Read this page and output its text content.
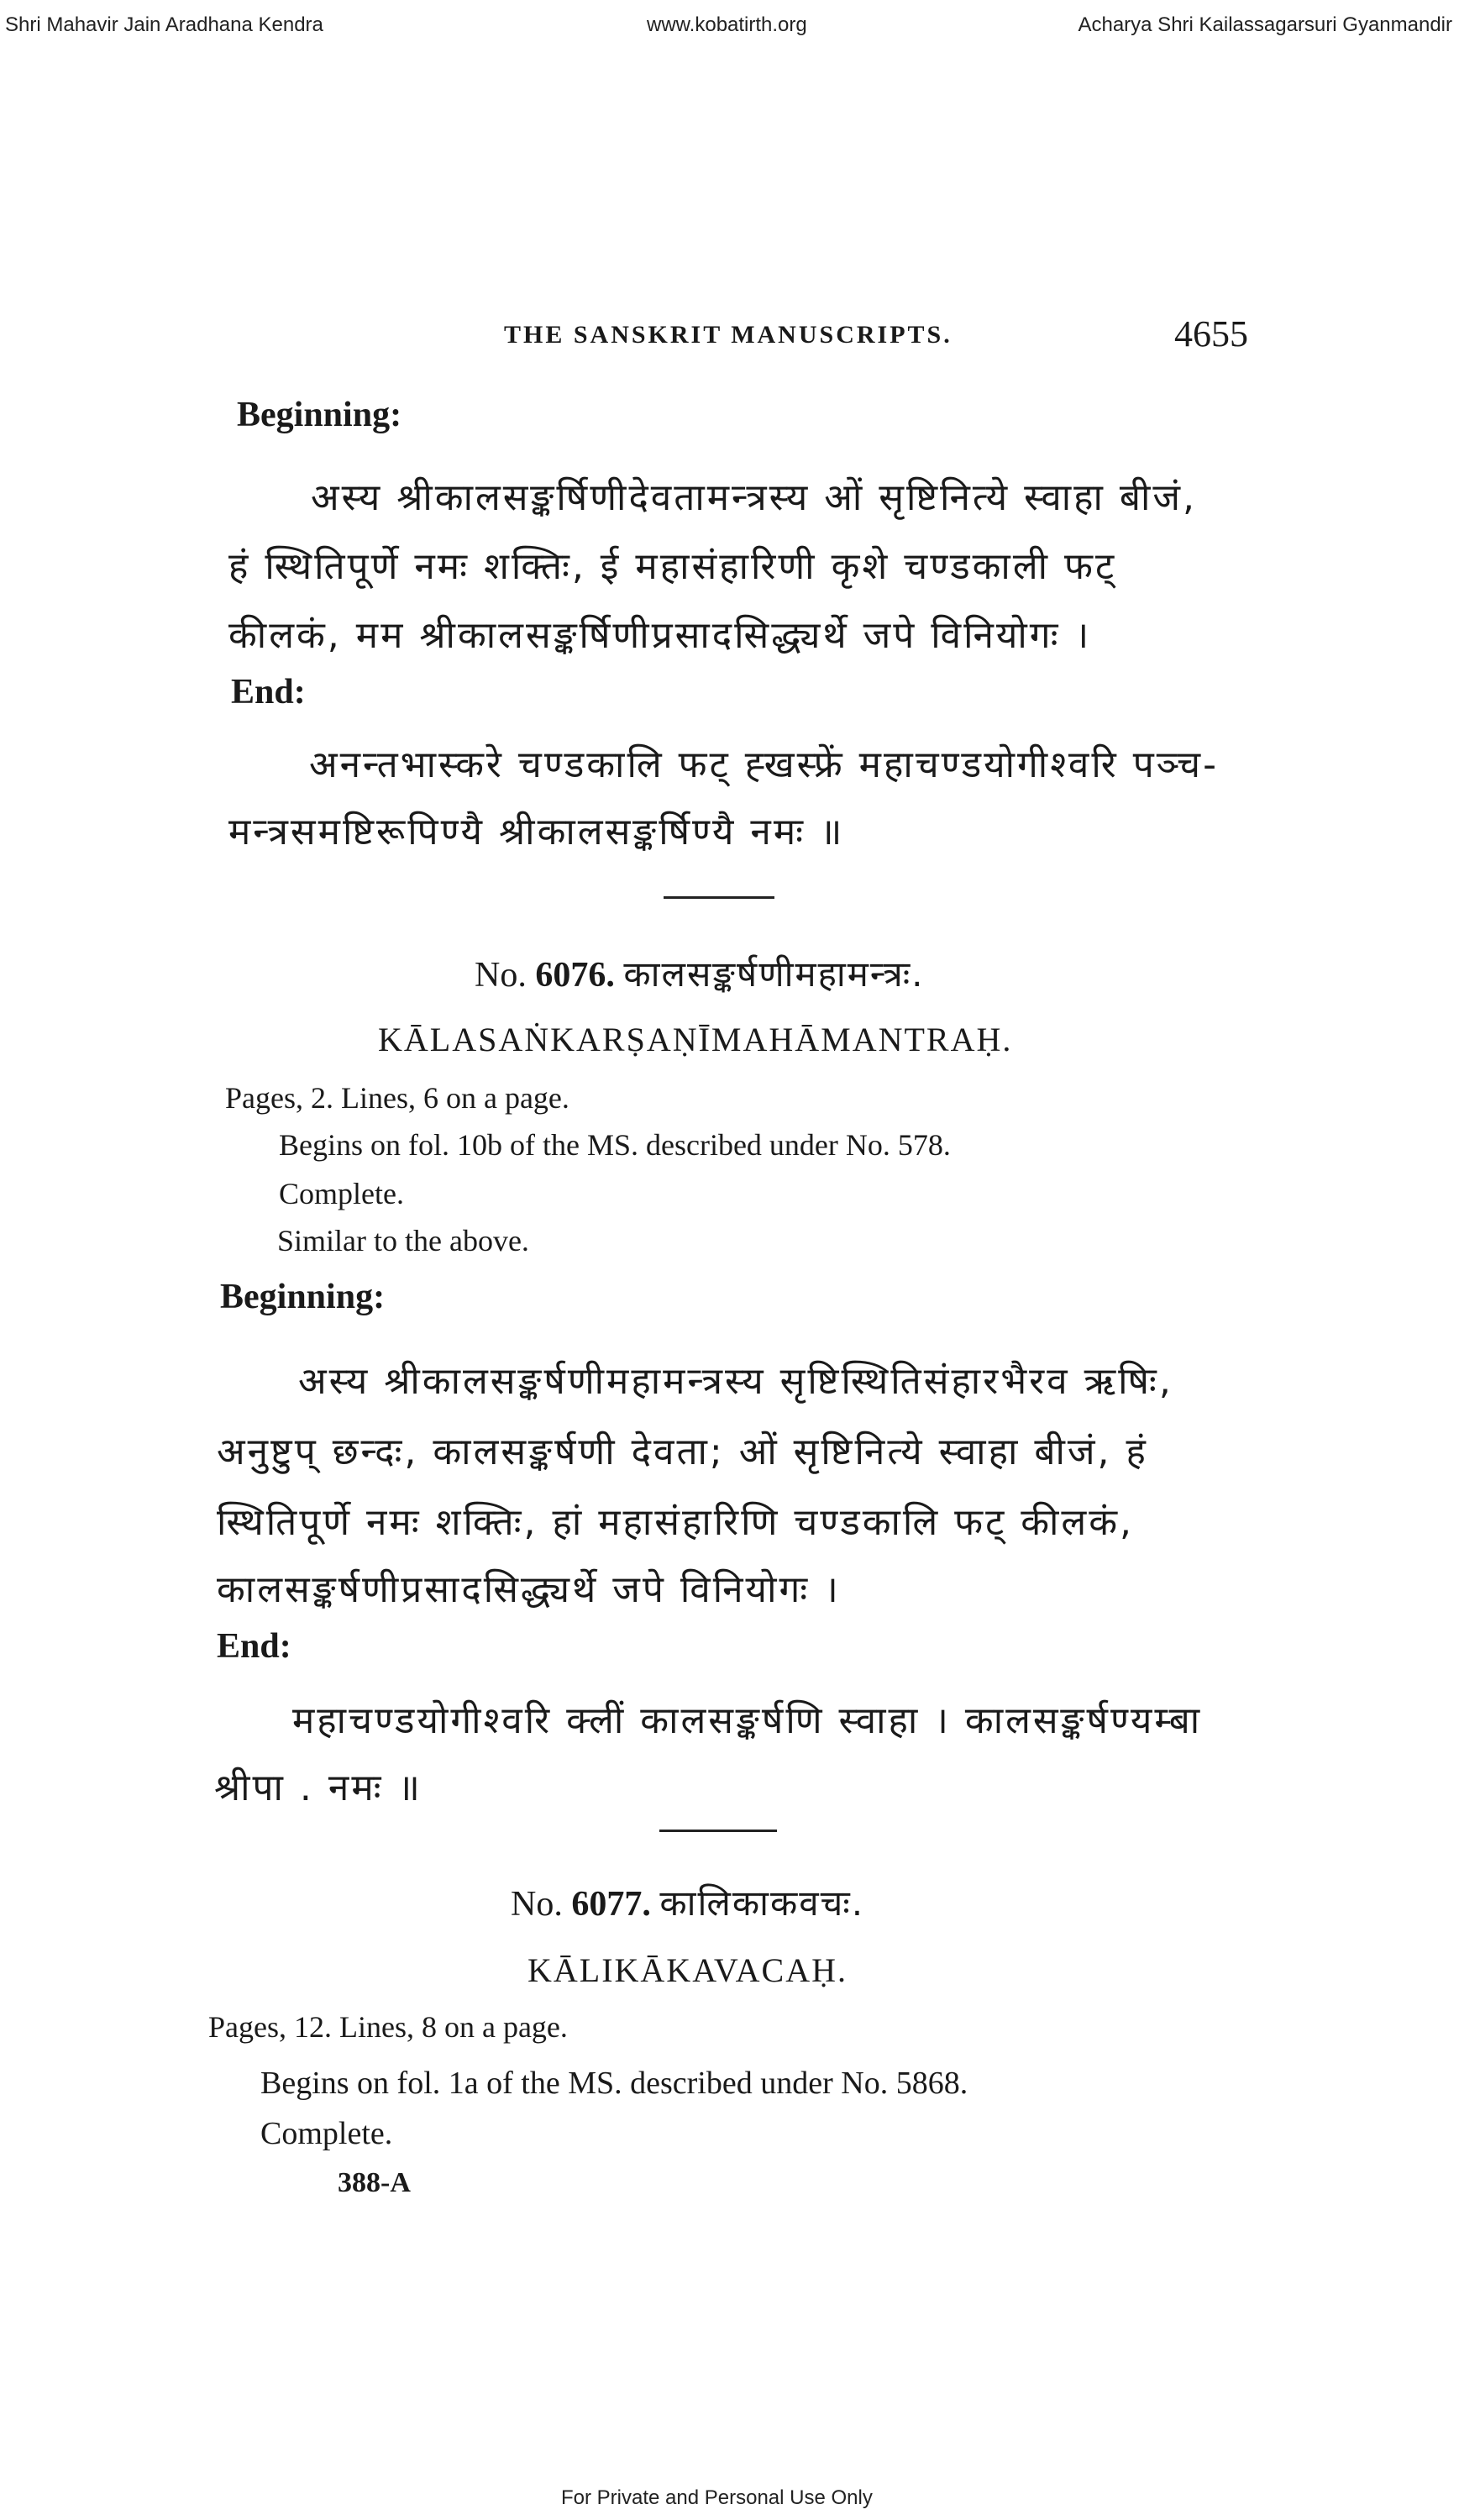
Shri Mahavir Jain Aradhana Kendra	www.kobatirth.org	Acharya Shri Kailassagarsuri Gyanmandir
THE SANSKRIT MANUSCRIPTS.	4655
Beginning:
अस्य श्रीकालसङ्कर्षिणीदेवतामन्त्रस्य ओं सृष्टिनित्ये स्वाहा बीजं,
हं स्थितिपूर्णे नमः शक्तिः, ई महासंहारिणी कृशे चण्डकाली फट्
कीलकं, मम श्रीकालसङ्कर्षिणीप्रसादसिद्ध्यर्थे जपे विनियोगः ।
End:
अनन्तभास्करे चण्डकालि फट् ह्खस्फ्रें महाचण्डयोगीश्वरि पञ्च-
मन्त्रसमष्टिरूपिण्यै श्रीकालसङ्कर्षिण्यै नमः ॥
No. 6076. कालसङ्कर्षणीमहामन्त्रः.
KĀLASAṄKARṢAṆĪMAHĀMANTRAḤ.
Pages, 2. Lines, 6 on a page.
Begins on fol. 10b of the MS. described under No. 578.
Complete.
Similar to the above.
Beginning:
अस्य श्रीकालसङ्कर्षणीमहामन्त्रस्य सृष्टिस्थितिसंहारभैरव ऋषिः,
अनुष्टुप् छन्दः, कालसङ्कर्षणी देवता; ओं सृष्टिनित्ये स्वाहा बीजं, हं
स्थितिपूर्णे नमः शक्तिः, हां महासंहारिणि चण्डकालि फट् कीलकं,
कालसङ्कर्षणीप्रसादसिद्ध्यर्थे जपे विनियोगः ।
End:
महाचण्डयोगीश्वरि क्लीं कालसङ्कर्षणि स्वाहा । कालसङ्कर्षण्यम्बा
श्रीपा . नमः ॥
No. 6077. कालिकाकवचः.
KĀLIKĀKAVACAḤ.
Pages, 12. Lines, 8 on a page.
Begins on fol. 1a of the MS. described under No. 5868.
Complete.
388-A
For Private and Personal Use Only
